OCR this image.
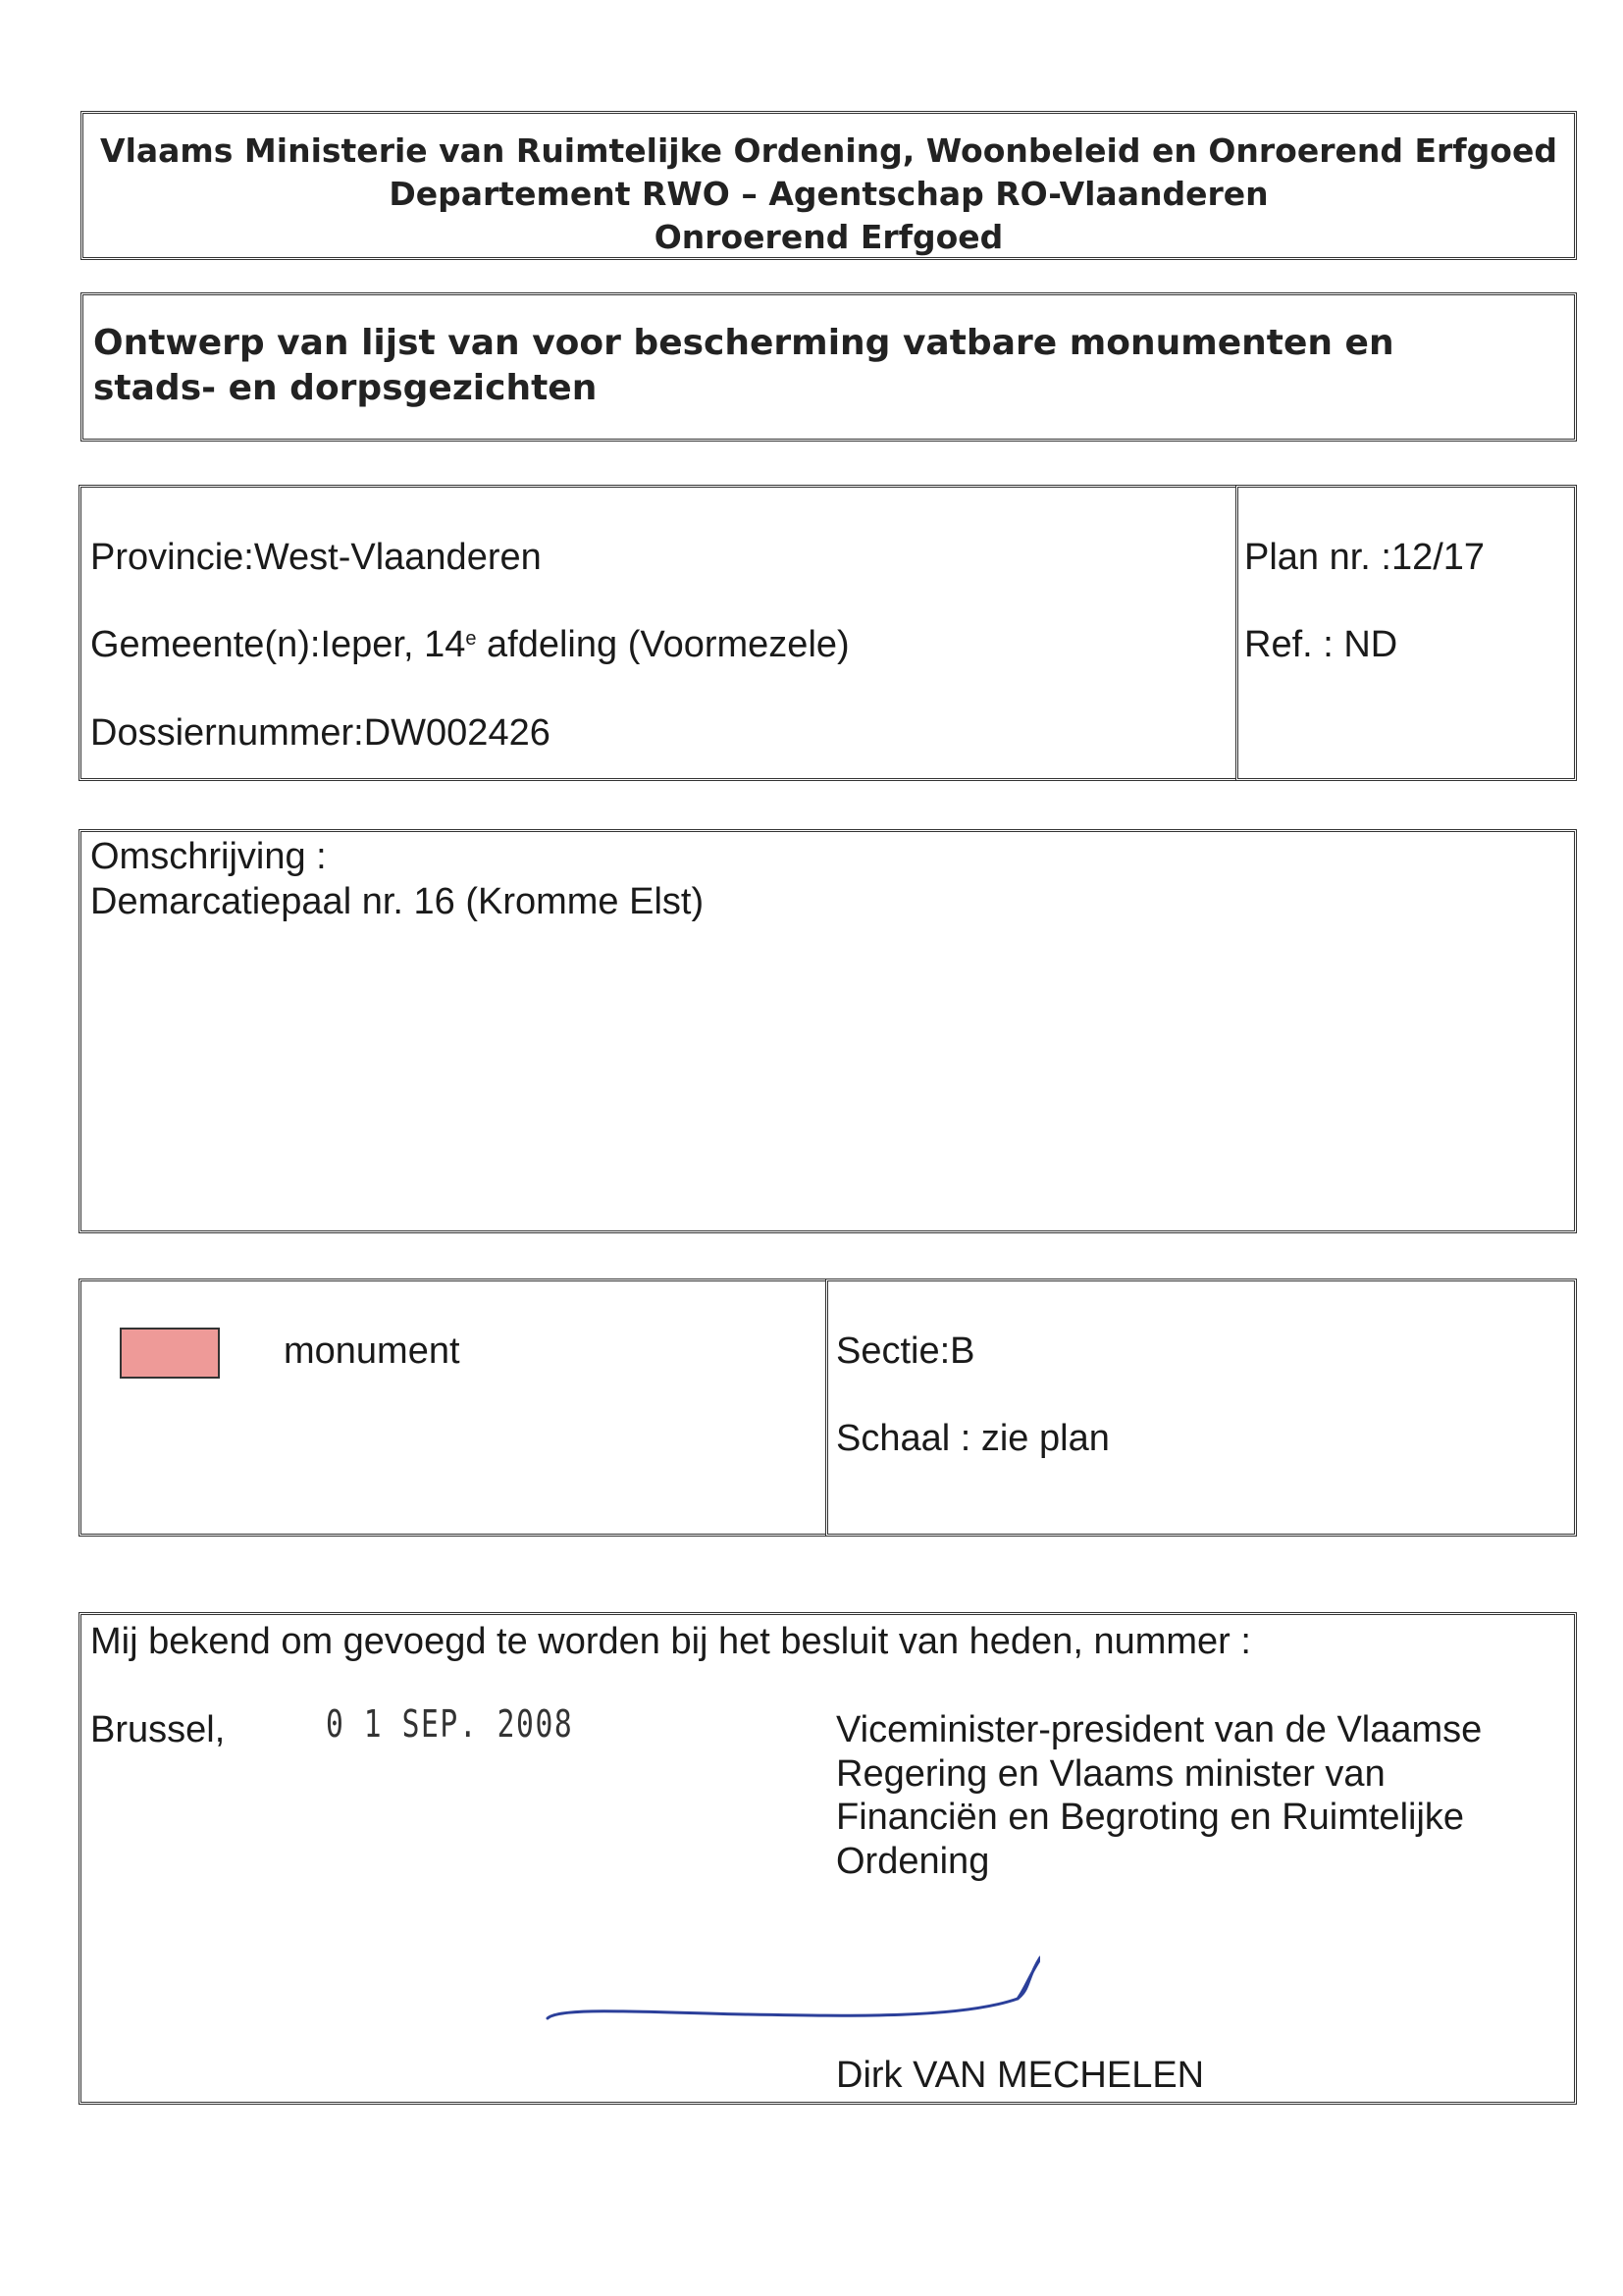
Vlaams Ministerie van Ruimtelijke Ordening, Woonbeleid en Onroerend Erfgoed
Departement RWO – Agentschap RO-Vlaanderen
Onroerend Erfgoed
Ontwerp van lijst van voor bescherming vatbare monumenten en stads- en dorpsgezichten
Provincie:West-Vlaanderen
Gemeente(n):Ieper, 14e afdeling (Voormezele)
Dossiernummer:DW002426
Plan nr. :12/17
Ref. : ND
Omschrijving :
Demarcatiepaal nr. 16 (Kromme Elst)
monument	Sectie:B
Schaal : zie plan
Mij bekend om gevoegd te worden bij het besluit van heden, nummer :
Brussel,	0 1 SEP. 2008	Viceminister-president van de Vlaamse
Regering en Vlaams minister van
Financiën en Begroting en Ruimtelijke
Ordening
Dirk VAN MECHELEN
